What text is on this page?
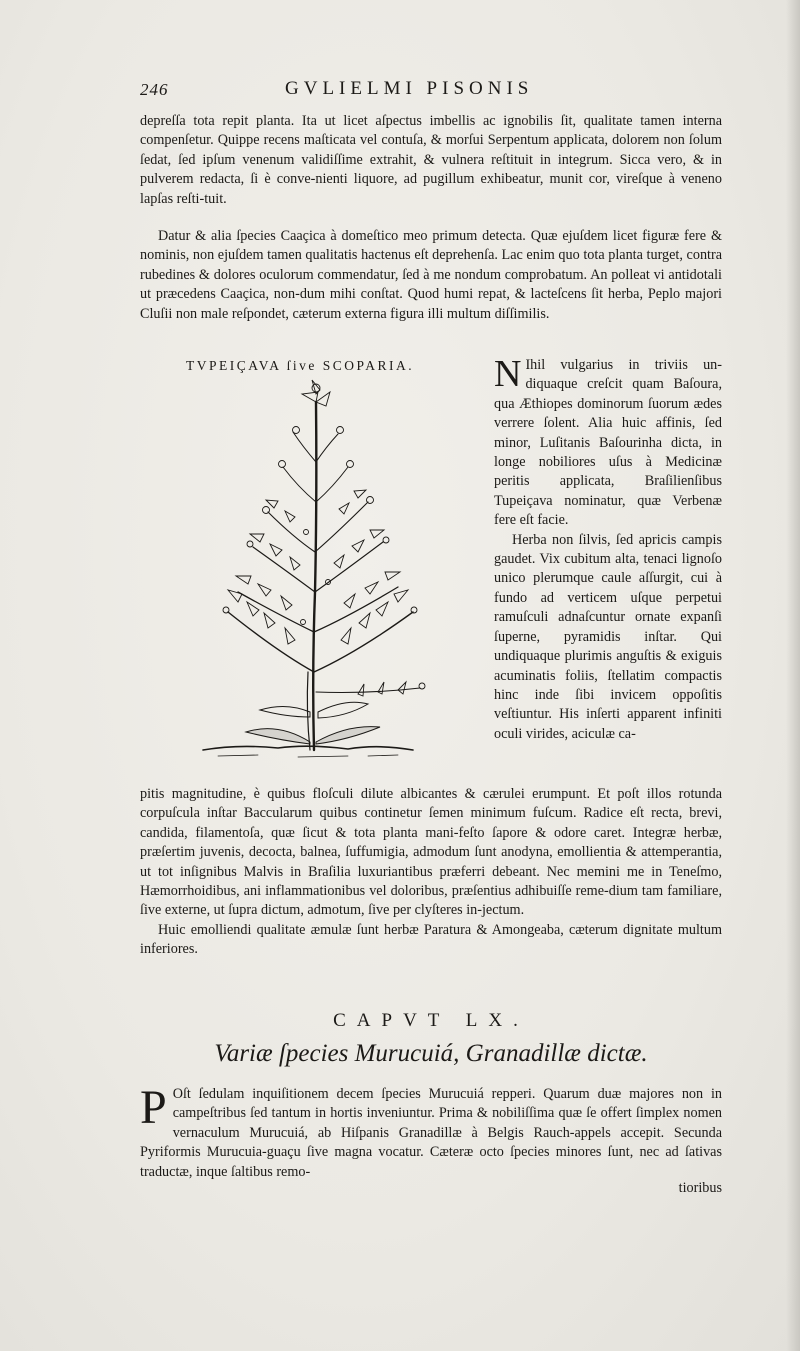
246	GVLIELMI PISONIS

depreſſa tota repit planta. Ita ut licet aſpectus imbellis ac ignobilis ſit, qualitate tamen interna compenſetur. Quippe recens maſticata vel contuſa, & morſui Serpentum applicata, dolorem non ſolum ſedat, ſed ipſum venenum validiſſime extrahit, & vulnera reſtituit in integrum. Sicca vero, & in pulverem redacta, ſi è conve-nienti liquore, ad pugillum exhibeatur, munit cor, vireſque à veneno lapſas reſti-tuit.

Datur & alia ſpecies Caaçica à domeſtico meo primum detecta. Quæ ejuſdem licet figuræ fere & nominis, non ejuſdem tamen qualitatis hactenus eſt deprehenſa. Lac enim quo tota planta turget, contra rubedines & dolores oculorum commendatur, ſed à me nondum comprobatum. An polleat vi antidotali ut præcedens Caaçica, non-dum mihi conſtat. Quod humi repat, & lacteſcens ſit herba, Peplo majori Cluſii non male reſpondet, cæterum externa figura illi multum diſſimilis.

TVPEIÇAVA ſive SCOPARIA. N Ihil vulgarius in triviis un-diquaque creſcit quam Baſoura, qua Æthiopes dominorum ſuorum ædes verrere ſolent. Alia huic affinis, ſed minor, Luſitanis Baſourinha dicta, in longe nobiliores uſus à Medicinæ peritis applicata, Braſilienſibus Tupeiçava nominatur, quæ Verbenæ fere eſt facie.

Herba non ſilvis, ſed apricis campis gaudet. Vix cubitum alta, tenaci lignoſo unico plerumque caule aſſurgit, cui à fundo ad verticem uſque perpetui ramuſculi adnaſcuntur ornate expanſi ſuperne, pyramidis inſtar. Qui undiquaque plurimis anguſtis & exiguis acuminatis foliis, ſtellatim compactis hinc inde ſibi invicem oppoſitis veſtiuntur. His inſerti apparent infiniti oculi virides, aciculæ ca-

pitis magnitudine, è quibus floſculi dilute albicantes & cærulei erumpunt. Et poſt illos rotunda corpuſcula inſtar Baccularum quibus continetur ſemen minimum fuſcum. Radice eſt recta, brevi, candida, filamentoſa, quæ ſicut & tota planta mani-feſto ſapore & odore caret. Integræ herbæ, præſertim juvenis, decocta, balnea, ſuffumigia, admodum ſunt anodyna, emollientia & attemperantia, ut tot inſignibus Malvis in Braſilia luxuriantibus præferri debeant. Nec memini me in Teneſmo, Hæmorrhoidibus, ani inflammationibus vel doloribus, præſentius adhibuiſſe reme-dium tam familiare, ſive externe, ut ſupra dictum, admotum, ſive per clyſteres in-jectum.

Huic emolliendi qualitate æmulæ ſunt herbæ Paratura & Amongeaba, cæterum dignitate multum inferiores.

CAPVT LX.
Variæ ſpecies Murucuiá, Granadillæ dictæ.

P Oſt ſedulam inquiſitionem decem ſpecies Murucuiá repperi. Quarum duæ majores non in campeſtribus ſed tantum in hortis inveniuntur. Prima & nobiliſſima quæ ſe offert ſimplex nomen vernaculum Murucuiá, ab Hiſpanis Granadillæ à Belgis Rauch-appels accepit. Secunda Pyriformis Murucuia-guaçu ſive magna vocatur. Cæteræ octo ſpecies minores ſunt, nec ad ſativas traductæ, inque ſaltibus remo-

tioribus
